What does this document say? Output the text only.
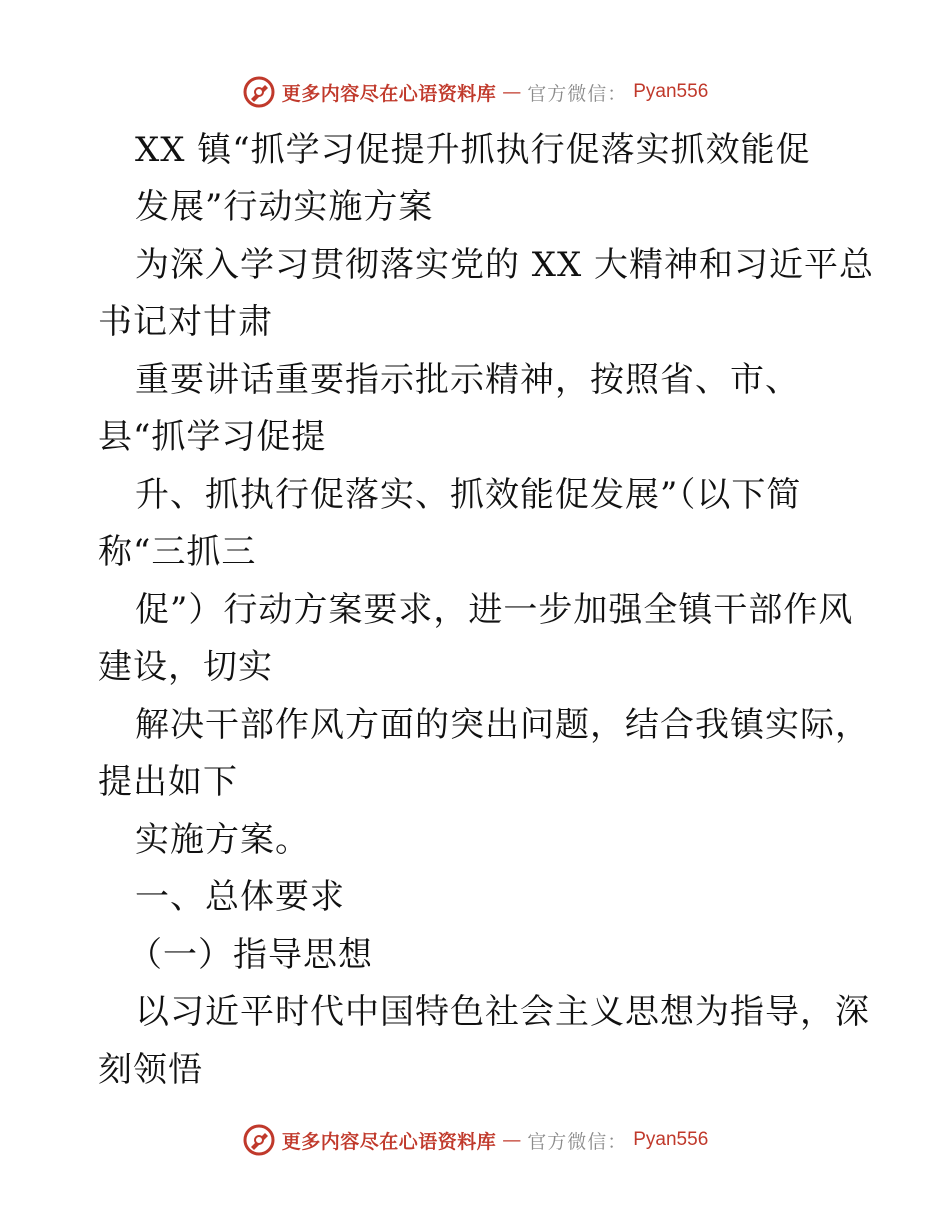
更多内容尽在心语资料库 — 官方微信： Pyan556
XX 镇“抓学习促提升抓执行促落实抓效能促
发展”行动实施方案
为深入学习贯彻落实党的 XX 大精神和习近平总
书记对甘肃
重要讲话重要指示批示精神，按照省、市、
县“抓学习促提
升、抓执行促落实、抓效能促发展”（以下简
称“三抓三
促”）行动方案要求，进一步加强全镇干部作风
建设，切实
解决干部作风方面的突出问题，结合我镇实际，
提出如下
实施方案。
一、总体要求
（一）指导思想
以习近平时代中国特色社会主义思想为指导，深
刻领悟
更多内容尽在心语资料库 — 官方微信： Pyan556
